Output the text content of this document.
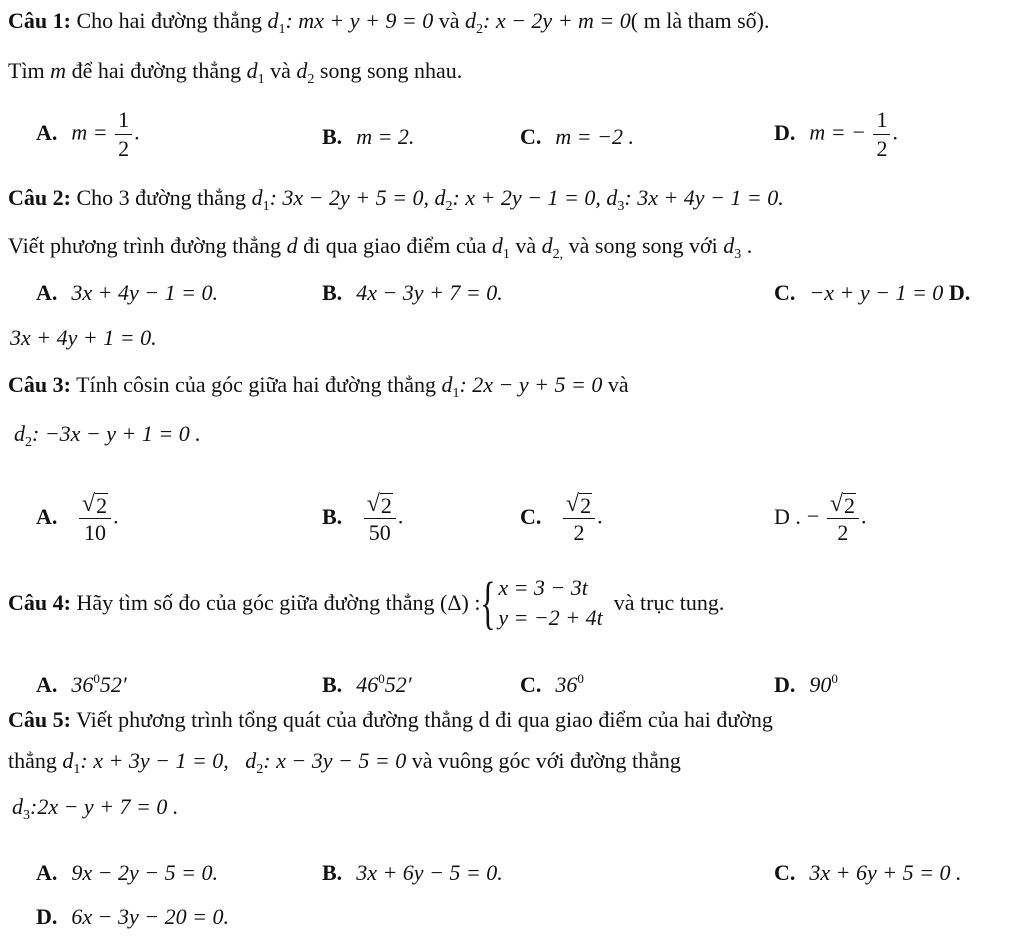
Câu 1: Cho hai đường thẳng $d_1$: mx + y + 9 = 0 và $d_2$: x − 2y + m = 0( m là tham số).
Tìm m để hai đường thẳng $d_1$ và $d_2$ song song nhau.
A. $m = \frac{1}{2}$ .	B. m = 2.	C. m = −2 .	D. m = − $\frac{1}{2}$ .
Câu 2: Cho 3 đường thẳng $d_1$: 3x − 2y + 5 = 0, $d_2$: x + 2y − 1 = 0, $d_3$: 3x + 4y − 1 = 0.
Viết phương trình đường thẳng d đi qua giao điểm của $d_1$ và $d_{2,}$ và song song với $d_3$ .
A. 3x + 4y − 1 = 0.	B. 4x − 3y + 7 = 0.	C. −x + y − 1 = 0 D.
3x + 4y + 1 = 0.
Câu 3: Tính côsin của góc giữa hai đường thẳng $d_1$: 2x − y + 5 = 0 và
$d_2$: −3x − y + 1 = 0 .
A. $\frac{√ 2}{10}$ .	B. $\frac{√ 2}{50}$ .	C. $\frac{√ 2}{2}$ .	D . − $\frac{√ 2}{2}$ .
Câu 4:
Hãy tìm số đo của góc giữa đường thẳng
(Δ) : { x = 3 − 3t
y = −2 + 4t

và trục tung.
A. $36^052'$	B. $46^052'$	C. $36^0$	D. $90^0$
Câu 5: Viết phương trình tổng quát của đường thẳng d đi qua giao điểm của hai đường
thẳng $d_1$: x + 3y − 1 = 0, $d_2$: x − 3y − 5 = 0 và vuông góc với đường thẳng
$d_3:2x - y + 7 = 0$ .
A. 9x − 2y − 5 = 0.	B. 3x + 6y − 5 = 0.	C. 3x + 6y + 5 = 0 .
D. 6x − 3y − 20 = 0.
